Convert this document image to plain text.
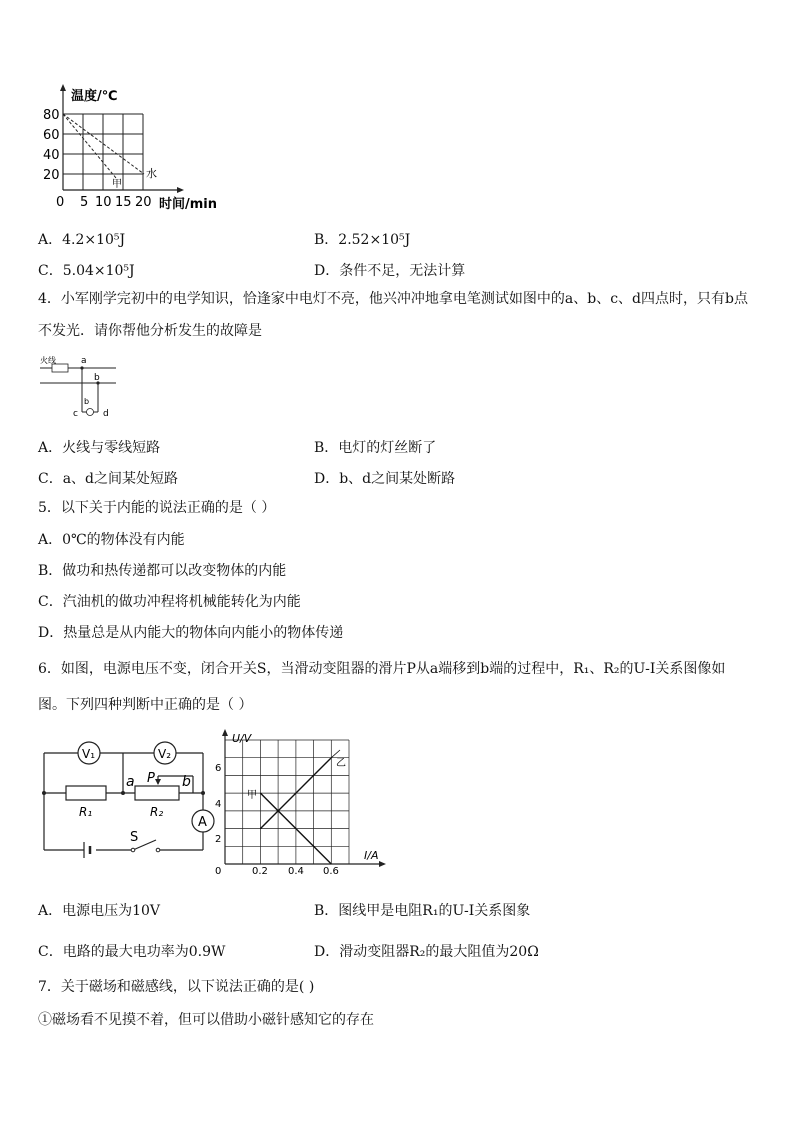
温度/℃
80
60
40
20
0 5 10 15 20 时间/min
甲
水
A．4.2×10⁵J	B．2.52×10⁵J
C．5.04×10⁵J	D．条件不足，无法计算
4．小军刚学完初中的电学知识，恰逢家中电灯不亮，他兴冲冲地拿电笔测试如图中的a、b、c、d四点时，只有b点
不发光．请你帮他分析发生的故障是
火线	a
b
b
c	d
A．火线与零线短路	B．电灯的灯丝断了
C．a、d之间某处短路	D．b、d之间某处断路
5．以下关于内能的说法正确的是（ ）
A．0℃的物体没有内能
B．做功和热传递都可以改变物体的内能
C．汽油机的做功冲程将机械能转化为内能
D．热量总是从内能大的物体向内能小的物体传递
6．如图，电源电压不变，闭合开关S，当滑动变阻器的滑片P从a端移到b端的过程中，R₁、R₂的U-I关系图像如
图。下列四种判断中正确的是（ ）
V₁	V₂
A
a P b
R₁	R₂
S
U/V
I/A
6
4
2
0	0.2 0.4 0.6
甲
乙
A．电源电压为10V	B．图线甲是电阻R₁的U-I关系图象
C．电路的最大电功率为0.9W	D．滑动变阻器R₂的最大阻值为20Ω
7．关于磁场和磁感线，以下说法正确的是( )
①磁场看不见摸不着，但可以借助小磁针感知它的存在
